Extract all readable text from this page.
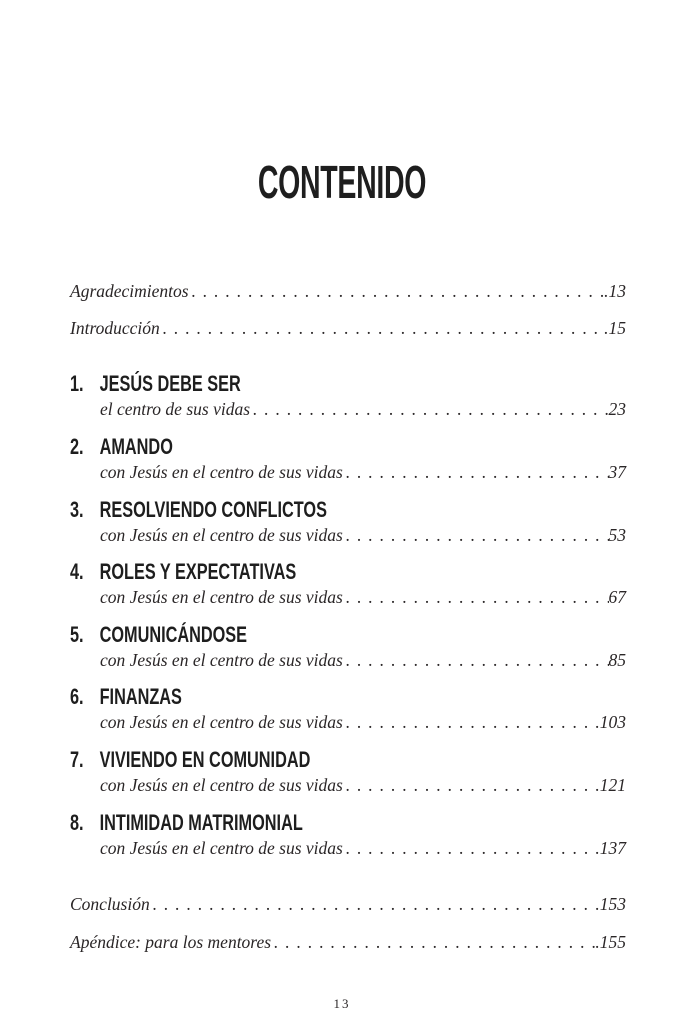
CONTENIDO
Agradecimientos . . .	.13
Introducción . . .	.15
1. JESÚS DEBE SER
el centro de sus vidas . . .	23
2. AMANDO
con Jesús en el centro de sus vidas . . .	37
3. RESOLVIENDO CONFLICTOS
con Jesús en el centro de sus vidas . . .	53
4. ROLES Y EXPECTATIVAS
con Jesús en el centro de sus vidas . . .	67
5. COMUNICÁNDOSE
con Jesús en el centro de sus vidas . . .	85
6. FINANZAS
con Jesús en el centro de sus vidas . . .	.103
7. VIVIENDO EN COMUNIDAD
con Jesús en el centro de sus vidas . . .	.121
8. INTIMIDAD MATRIMONIAL
con Jesús en el centro de sus vidas . . .	.137
Conclusión . . .	.153
Apéndice: para los mentores . . .	.155
13
